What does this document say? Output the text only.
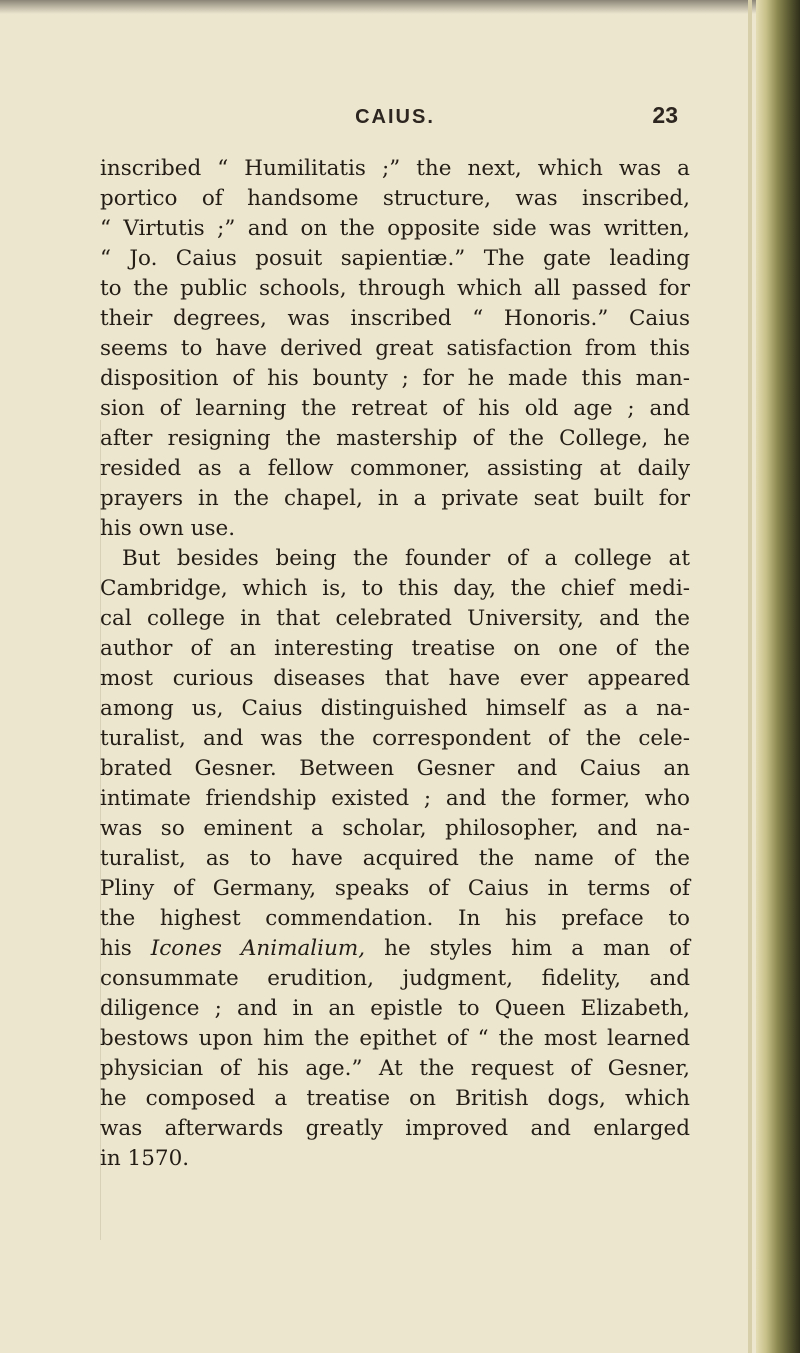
CAIUS.	23
inscribed “ Humilitatis ;” the next, which was a
portico of handsome structure, was inscribed,
“ Virtutis ;” and on the opposite side was written,
“ Jo. Caius posuit sapientiæ.” The gate leading
to the public schools, through which all passed for
their degrees, was inscribed “ Honoris.” Caius
seems to have derived great satisfaction from this
disposition of his bounty ; for he made this man-
sion of learning the retreat of his old age ; and
after resigning the mastership of the College, he
resided as a fellow commoner, assisting at daily
prayers in the chapel, in a private seat built for
his own use.
But besides being the founder of a college at
Cambridge, which is, to this day, the chief medi-
cal college in that celebrated University, and the
author of an interesting treatise on one of the
most curious diseases that have ever appeared
among us, Caius distinguished himself as a na-
turalist, and was the correspondent of the cele-
brated Gesner. Between Gesner and Caius an
intimate friendship existed ; and the former, who
was so eminent a scholar, philosopher, and na-
turalist, as to have acquired the name of the
Pliny of Germany, speaks of Caius in terms of
the highest commendation. In his preface to
his Icones Animalium, he styles him a man of
consummate erudition, judgment, fidelity, and
diligence ; and in an epistle to Queen Elizabeth,
bestows upon him the epithet of “ the most learned
physician of his age.” At the request of Gesner,
he composed a treatise on British dogs, which
was afterwards greatly improved and enlarged
in 1570.
